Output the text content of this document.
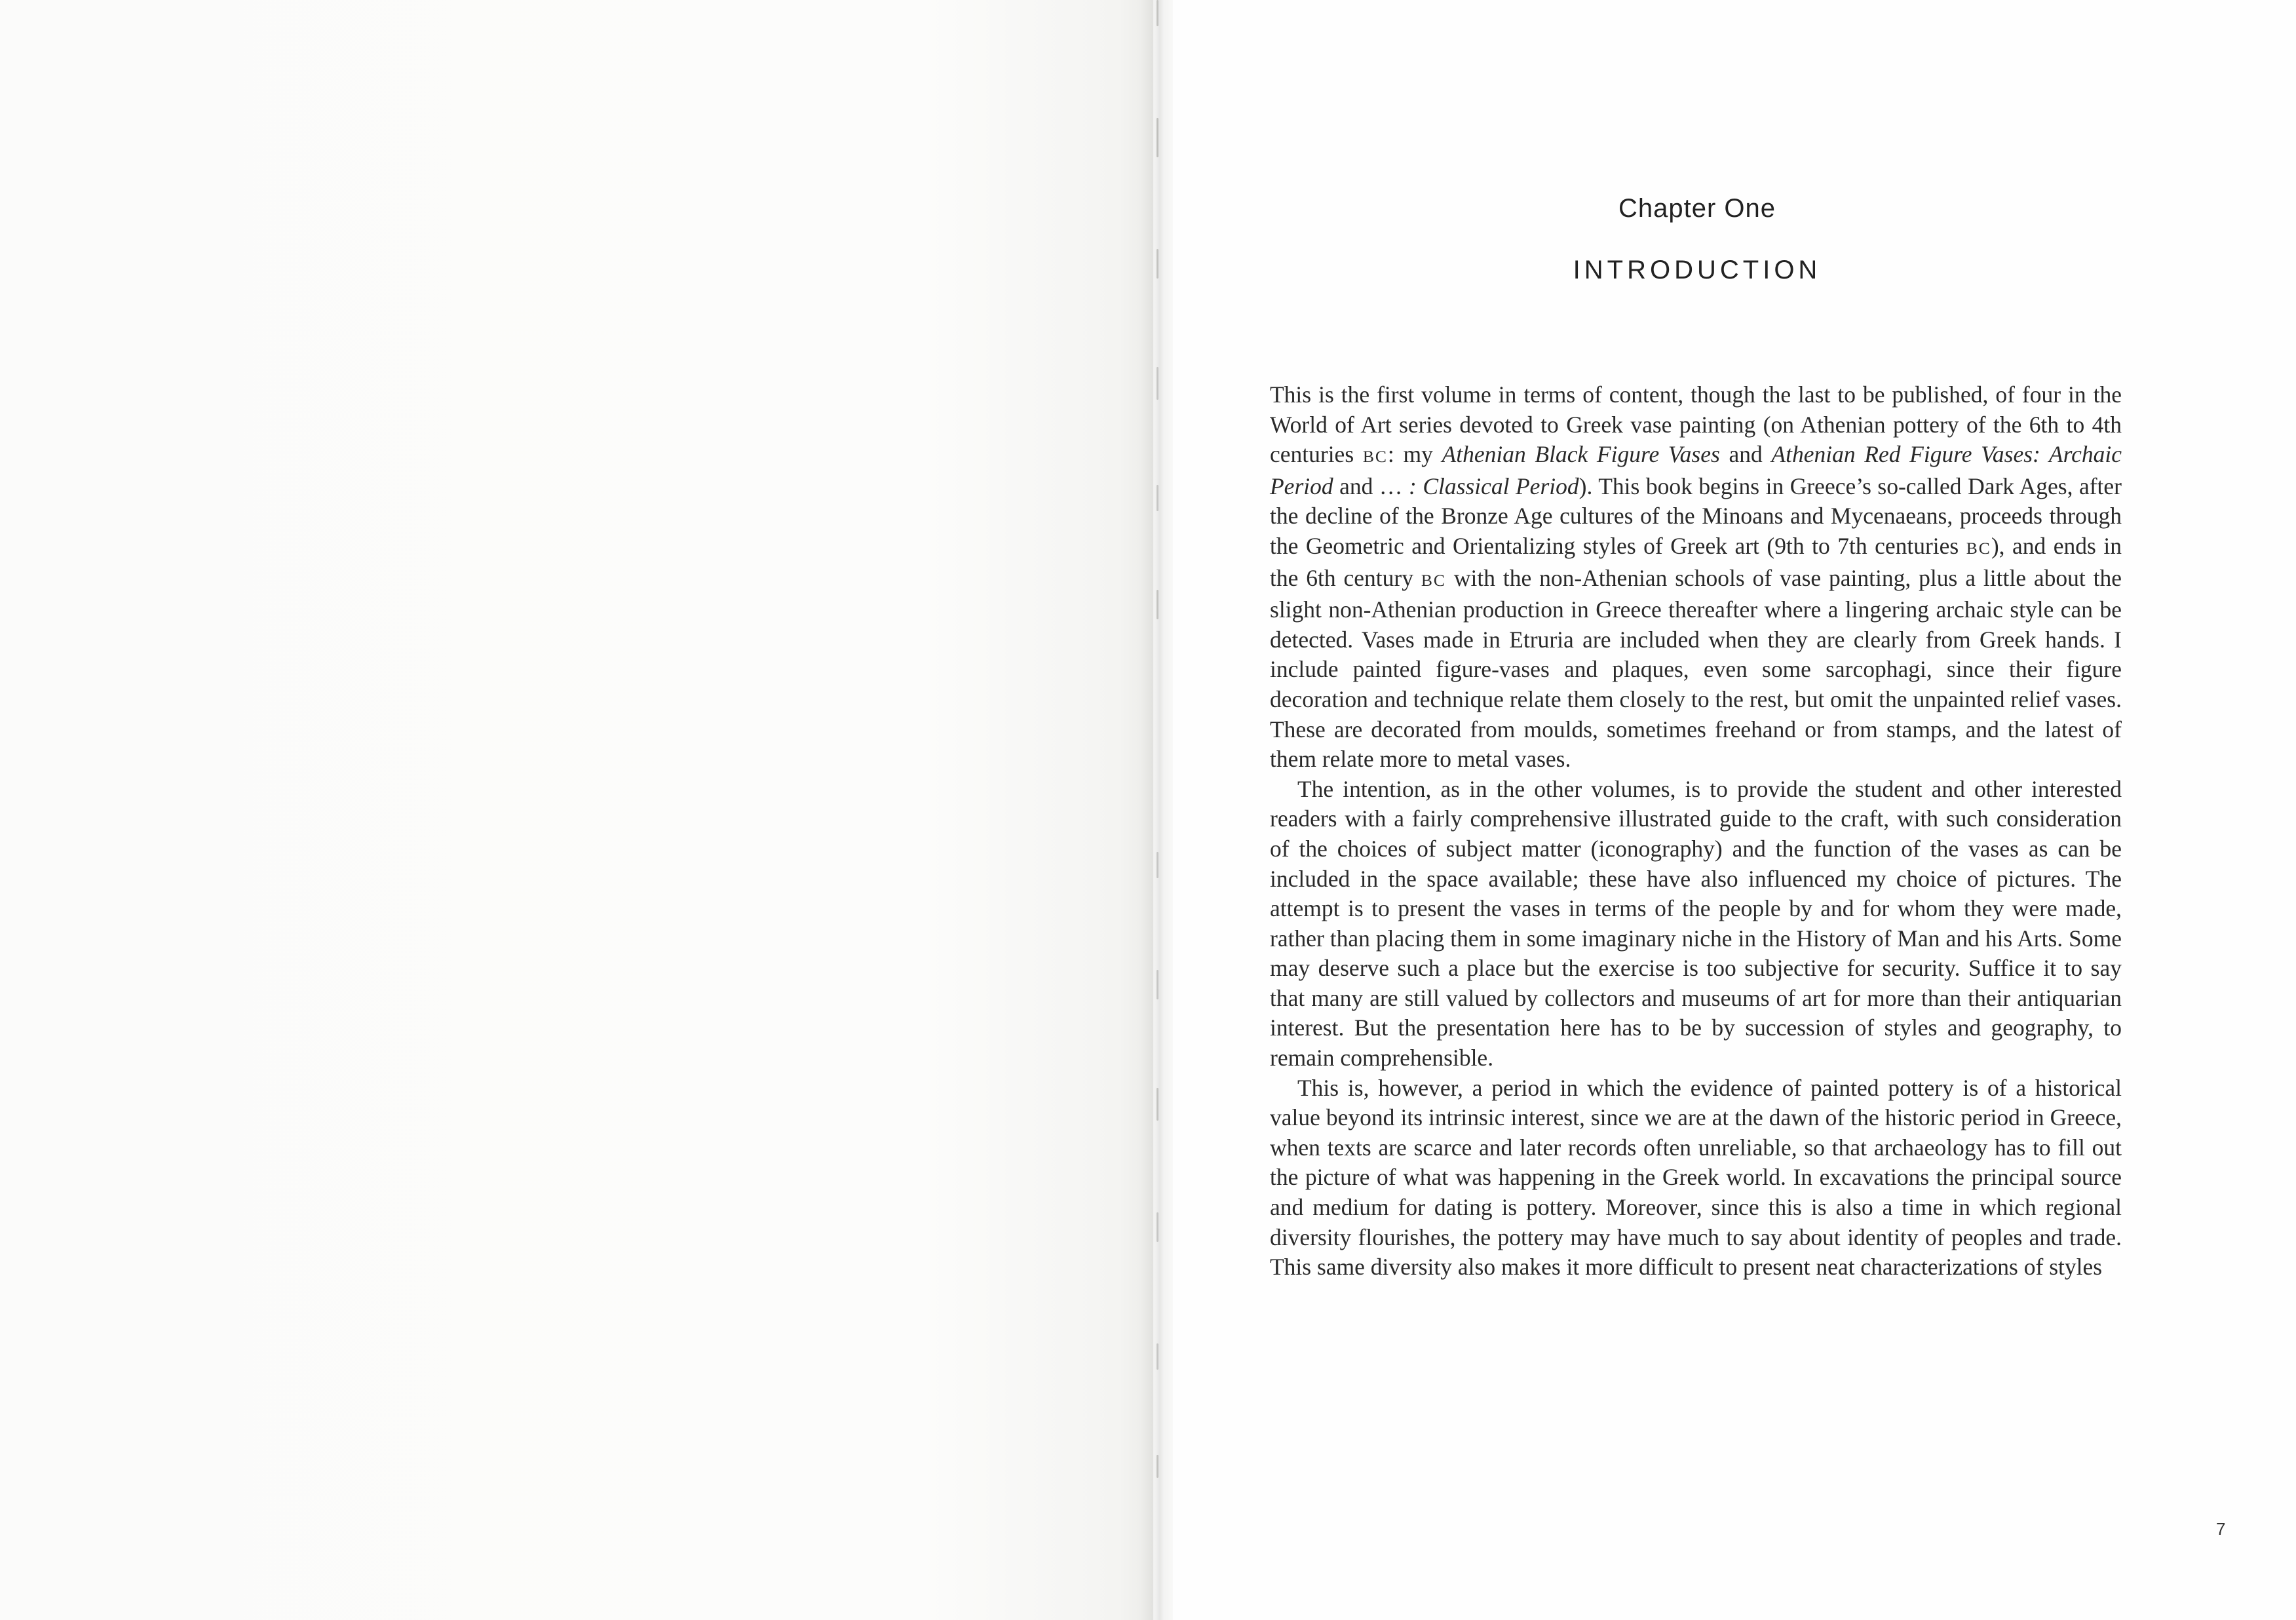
Chapter One
INTRODUCTION

This is the first volume in terms of content, though the last to be published, of four in the World of Art series devoted to Greek vase painting (on Athenian pottery of the 6th to 4th centuries BC: my Athenian Black Figure Vases and Athenian Red Figure Vases: Archaic Period and … : Classical Period). This book begins in Greece’s so-called Dark Ages, after the decline of the Bronze Age cultures of the Minoans and Mycenaeans, proceeds through the Geometric and Orientalizing styles of Greek art (9th to 7th centuries BC), and ends in the 6th century BC with the non-Athenian schools of vase painting, plus a little about the slight non-Athenian production in Greece thereafter where a lingering archaic style can be detected. Vases made in Etruria are included when they are clearly from Greek hands. I include painted figure-vases and plaques, even some sarcophagi, since their figure decoration and technique relate them closely to the rest, but omit the unpainted relief vases. These are decorated from moulds, sometimes freehand or from stamps, and the latest of them relate more to metal vases.

The intention, as in the other volumes, is to provide the student and other interested readers with a fairly comprehensive illustrated guide to the craft, with such consideration of the choices of subject matter (iconography) and the function of the vases as can be included in the space available; these have also influenced my choice of pictures. The attempt is to present the vases in terms of the people by and for whom they were made, rather than placing them in some imaginary niche in the History of Man and his Arts. Some may deserve such a place but the exercise is too subjective for security. Suffice it to say that many are still valued by collectors and museums of art for more than their antiquarian interest. But the presentation here has to be by succession of styles and geography, to remain comprehensible.

This is, however, a period in which the evidence of painted pottery is of a historical value beyond its intrinsic interest, since we are at the dawn of the historic period in Greece, when texts are scarce and later records often unreliable, so that archaeology has to fill out the picture of what was happening in the Greek world. In excavations the principal source and medium for dating is pottery. Moreover, since this is also a time in which regional diversity flourishes, the pottery may have much to say about identity of peoples and trade. This same diversity also makes it more difficult to present neat characterizations of styles

7
